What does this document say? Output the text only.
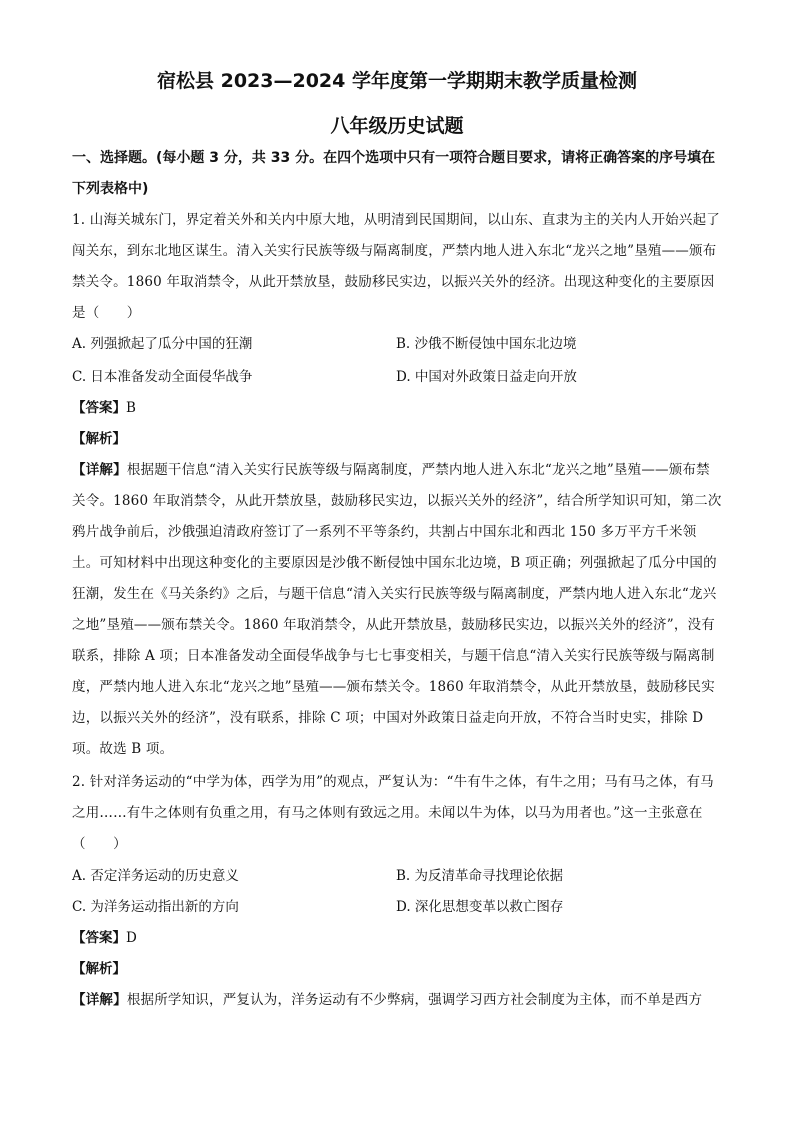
宿松县 2023—2024 学年度第一学期期末教学质量检测
八年级历史试题
一、选择题。(每小题 3 分，共 33 分。在四个选项中只有一项符合题目要求，请将正确答案的序号填在下列表格中)

1. 山海关城东门，界定着关外和关内中原大地，从明清到民国期间，以山东、直隶为主的关内人开始兴起了闯关东，到东北地区谋生。清入关实行民族等级与隔离制度，严禁内地人进入东北“龙兴之地”垦殖——颁布禁关令。1860 年取消禁令，从此开禁放垦，鼓励移民实边，以振兴关外的经济。出现这种变化的主要原因是（　　）

A. 列强掀起了瓜分中国的狂潮	B. 沙俄不断侵蚀中国东北边境
C. 日本准备发动全面侵华战争	D. 中国对外政策日益走向开放
【答案】B
【解析】

【详解】根据题干信息“清入关实行民族等级与隔离制度，严禁内地人进入东北“龙兴之地”垦殖——颁布禁关令。1860 年取消禁令，从此开禁放垦，鼓励移民实边，以振兴关外的经济”，结合所学知识可知，第二次鸦片战争前后，沙俄强迫清政府签订了一系列不平等条约，共割占中国东北和西北 150 多万平方千米领土。可知材料中出现这种变化的主要原因是沙俄不断侵蚀中国东北边境，B 项正确；列强掀起了瓜分中国的狂潮，发生在《马关条约》之后，与题干信息“清入关实行民族等级与隔离制度，严禁内地人进入东北“龙兴之地”垦殖——颁布禁关令。1860 年取消禁令，从此开禁放垦，鼓励移民实边，以振兴关外的经济”，没有联系，排除 A 项；日本准备发动全面侵华战争与七七事变相关，与题干信息“清入关实行民族等级与隔离制度，严禁内地人进入东北“龙兴之地”垦殖——颁布禁关令。1860 年取消禁令，从此开禁放垦，鼓励移民实边，以振兴关外的经济”，没有联系，排除 C 项；中国对外政策日益走向开放，不符合当时史实，排除 D 项。故选 B 项。

2. 针对洋务运动的“中学为体，西学为用”的观点，严复认为：“牛有牛之体，有牛之用；马有马之体，有马之用……有牛之体则有负重之用，有马之体则有致远之用。未闻以牛为体，以马为用者也。”这一主张意在（　　）

A. 否定洋务运动的历史意义	B. 为反清革命寻找理论依据
C. 为洋务运动指出新的方向	D. 深化思想变革以救亡图存
【答案】D
【解析】

【详解】根据所学知识，严复认为，洋务运动有不少弊病，强调学习西方社会制度为主体，而不单是西方
